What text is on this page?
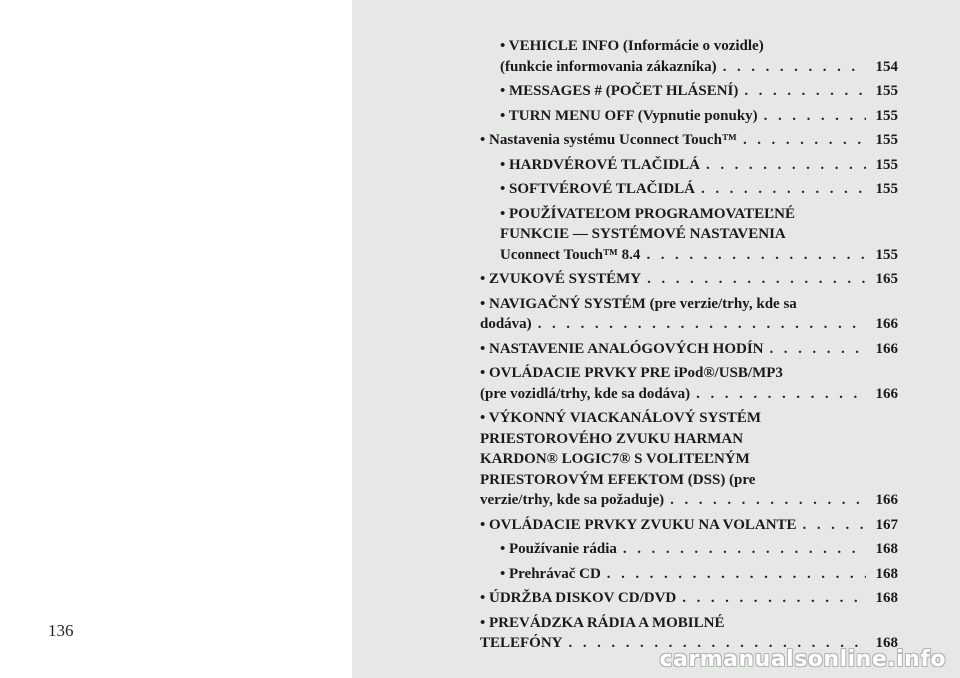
136
• VEHICLE INFO (Informácie o vozidle)
(funkcie informovania zákazníka) . . .	154
• MESSAGES # (POČET HLÁSENÍ) . . .	155
• TURN MENU OFF (Vypnutie ponuky) . . .	155
• Nastavenia systému Uconnect Touch™ . . .	155
• HARDVÉROVÉ TLAČIDLÁ . . .	155
• SOFTVÉROVÉ TLAČIDLÁ . . .	155
• POUŽÍVATEĽOM PROGRAMOVATEĽNÉ
FUNKCIE — SYSTÉMOVÉ NASTAVENIA
Uconnect Touch™ 8.4 . . .	155
• ZVUKOVÉ SYSTÉMY . . .	165
• NAVIGAČNÝ SYSTÉM (pre verzie/trhy, kde sa
dodáva) . . .	166
• NASTAVENIE ANALÓGOVÝCH HODÍN . . .	166
• OVLÁDACIE PRVKY PRE iPod®/USB/MP3
(pre vozidlá/trhy, kde sa dodáva) . . .	166
• VÝKONNÝ VIACKANÁLOVÝ SYSTÉM
PRIESTOROVÉHO ZVUKU HARMAN
KARDON® LOGIC7® S VOLITEĽNÝM
PRIESTOROVÝM EFEKTOM (DSS) (pre
verzie/trhy, kde sa požaduje) . . .	166
• OVLÁDACIE PRVKY ZVUKU NA VOLANTE . . .	167
• Používanie rádia . . .	168
• Prehrávač CD . . .	168
• ÚDRŽBA DISKOV CD/DVD . . .	168
• PREVÁDZKA RÁDIA A MOBILNÉ
TELEFÓNY . . .	168
carmanualsonline.info
